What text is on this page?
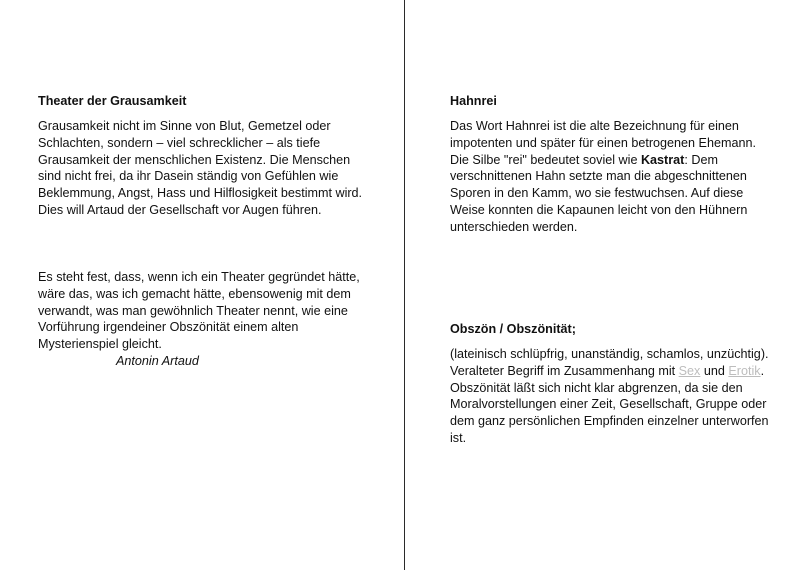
Theater der Grausamkeit

Grausamkeit nicht im Sinne von Blut, Gemetzel oder Schlachten, sondern – viel schrecklicher – als tiefe Grausamkeit der menschlichen Existenz. Die Menschen sind nicht frei, da ihr Dasein ständig von Gefühlen wie Beklemmung, Angst, Hass und Hilflosigkeit bestimmt wird. Dies will Artaud der Gesellschaft vor Augen führen.

Es steht fest, dass, wenn ich ein Theater gegründet hätte, wäre das, was ich gemacht hätte, ebensowenig mit dem verwandt, was man gewöhnlich Theater nennt, wie eine Vorführung irgendeiner Obszönität einem alten Mysterienspiel gleicht.
Antonin Artaud
Hahnrei

Das Wort Hahnrei ist die alte Bezeichnung für einen impotenten und später für einen betrogenen Ehemann. Die Silbe "rei" bedeutet soviel wie Kastrat: Dem verschnittenen Hahn setzte man die abgeschnittenen Sporen in den Kamm, wo sie festwuchsen. Auf diese Weise konnten die Kapaunen leicht von den Hühnern unterschieden werden.

Obszön / Obszönität;

(lateinisch schlüpfrig, unanständig, schamlos, unzüchtig). Veralteter Begriff im Zusammenhang mit Sex und Erotik. Obszönität läßt sich nicht klar abgrenzen, da sie den Moralvorstellungen einer Zeit, Gesellschaft, Gruppe oder dem ganz persönlichen Empfinden einzelner unterworfen ist.
